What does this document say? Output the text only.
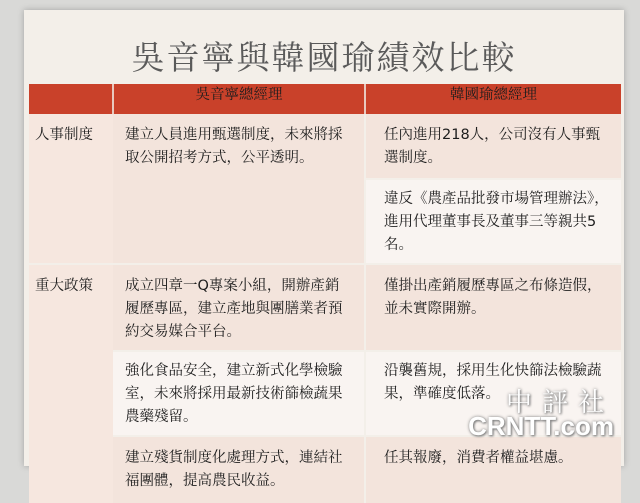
吳音寧與韓國瑜績效比較
	吳音寧總經理	韓國瑜總經理
人事制度	建立人員進用甄選制度，未來將採取公開招考方式，公平透明。	任內進用218人，公司沒有人事甄選制度。
		違反《農產品批發市場管理辦法》，進用代理董事長及董事三等親共5名。
重大政策	成立四章一Q專案小組，開辦產銷履歷專區，建立產地與團膳業者預約交易媒合平台。	僅掛出產銷履歷專區之布條造假，並未實際開辦。
	強化食品安全，建立新式化學檢驗室，未來將採用最新技術篩檢蔬果農藥殘留。	沿襲舊規，採用生化快篩法檢驗蔬果，準確度低落。
	建立殘貨制度化處理方式，連結社福團體，提高農民收益。	任其報廢，消費者權益堪慮。
中評社
CRNTT.com
